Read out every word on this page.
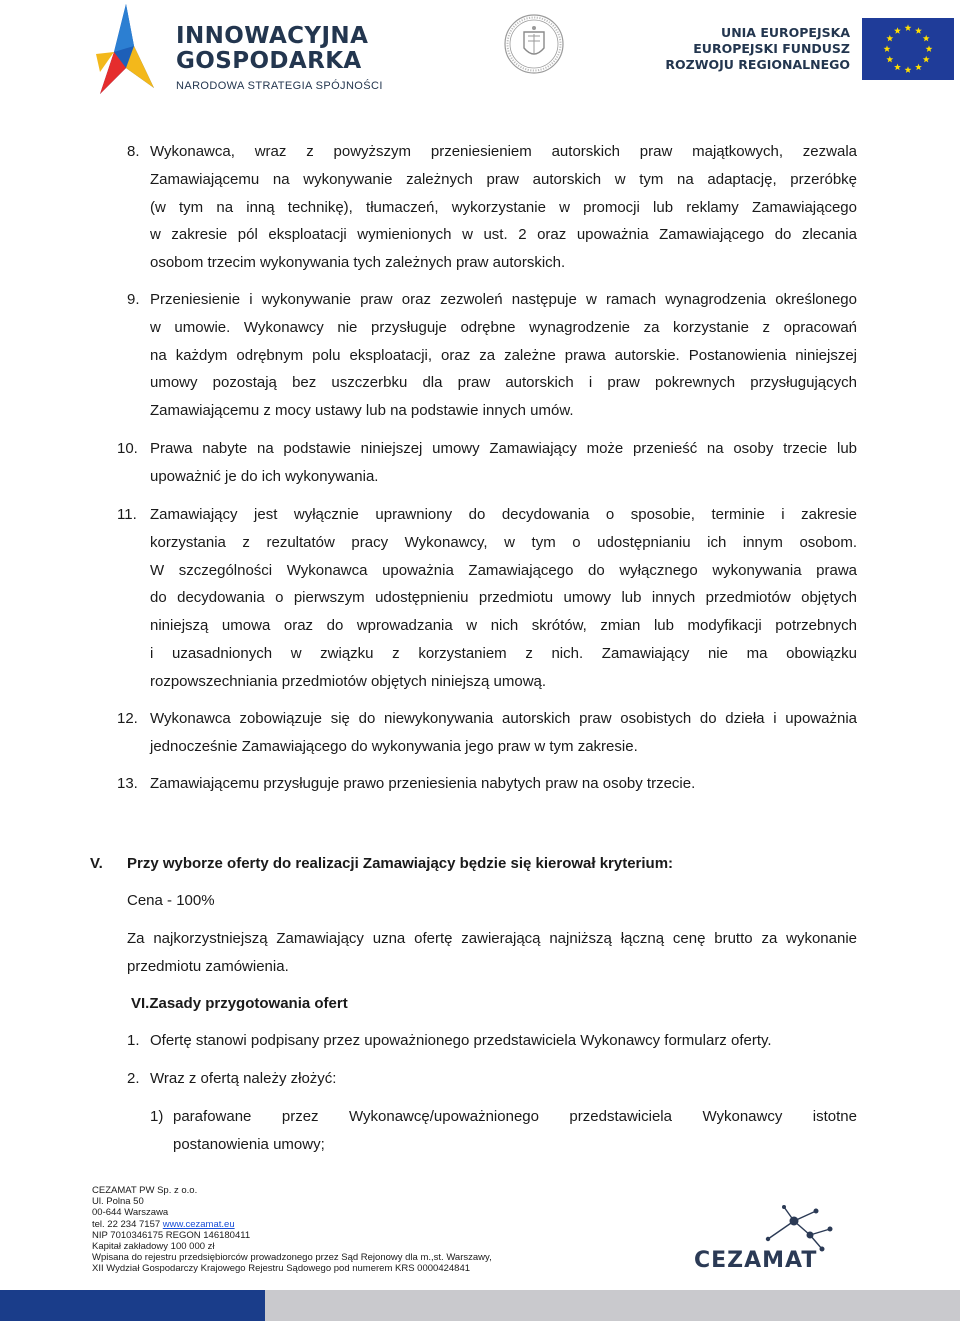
INNOWACYJNA
GOSPODARKA
NARODOWA STRATEGIA SPÓJNOŚCI
UNIA EUROPEJSKA
EUROPEJSKI FUNDUSZ
ROZWOJU REGIONALNEGO
8. Wykonawca, wraz z powyższym przeniesieniem autorskich praw majątkowych, zezwala
Zamawiającemu na wykonywanie zależnych praw autorskich w tym na adaptację, przeróbkę
(w tym na inną technikę), tłumaczeń, wykorzystanie w promocji lub reklamy Zamawiającego
w zakresie pól eksploatacji wymienionych w ust. 2 oraz upoważnia Zamawiającego do zlecania
osobom trzecim wykonywania tych zależnych praw autorskich.
9. Przeniesienie i wykonywanie praw oraz zezwoleń następuje w ramach wynagrodzenia określonego
w umowie. Wykonawcy nie przysługuje odrębne wynagrodzenie za korzystanie z opracowań
na każdym odrębnym polu eksploatacji, oraz za zależne prawa autorskie. Postanowienia niniejszej
umowy pozostają bez uszczerbku dla praw autorskich i praw pokrewnych przysługujących
Zamawiającemu z mocy ustawy lub na podstawie innych umów.
10. Prawa nabyte na podstawie niniejszej umowy Zamawiający może przenieść na osoby trzecie lub
upoważnić je do ich wykonywania.
11. Zamawiający jest wyłącznie uprawniony do decydowania o sposobie, terminie i zakresie
korzystania z rezultatów pracy Wykonawcy, w tym o udostępnianiu ich innym osobom.
W szczególności Wykonawca upoważnia Zamawiającego do wyłącznego wykonywania prawa
do decydowania o pierwszym udostępnieniu przedmiotu umowy lub innych przedmiotów objętych
niniejszą umowa oraz do wprowadzania w nich skrótów, zmian lub modyfikacji potrzebnych
i uzasadnionych w związku z korzystaniem z nich. Zamawiający nie ma obowiązku
rozpowszechniania przedmiotów objętych niniejszą umową.
12. Wykonawca zobowiązuje się do niewykonywania autorskich praw osobistych do dzieła i upoważnia
jednocześnie Zamawiającego do wykonywania jego praw w tym zakresie.
13. Zamawiającemu przysługuje prawo przeniesienia nabytych praw na osoby trzecie.
V. Przy wyborze oferty do realizacji Zamawiający będzie się kierował kryterium:
Cena - 100%
Za najkorzystniejszą Zamawiający uzna ofertę zawierającą najniższą łączną cenę brutto za wykonanie
przedmiotu zamówienia.
VI.Zasady przygotowania ofert
1. Ofertę stanowi podpisany przez upoważnionego przedstawiciela Wykonawcy formularz oferty.
2. Wraz z ofertą należy złożyć:
1) parafowane przez Wykonawcę/upoważnionego przedstawiciela Wykonawcy istotne
postanowienia umowy;
CEZAMAT PW Sp. z o.o.
Ul. Polna 50
00-644 Warszawa
tel. 22 234 7157 www.cezamat.eu
NIP 7010346175 REGON 146180411
Kapitał zakładowy 100 000 zł
Wpisana do rejestru przedsiębiorców prowadzonego przez Sąd Rejonowy dla m.,st. Warszawy,
XII Wydział Gospodarczy Krajowego Rejestru Sądowego pod numerem KRS 0000424841	CEZAMAT
